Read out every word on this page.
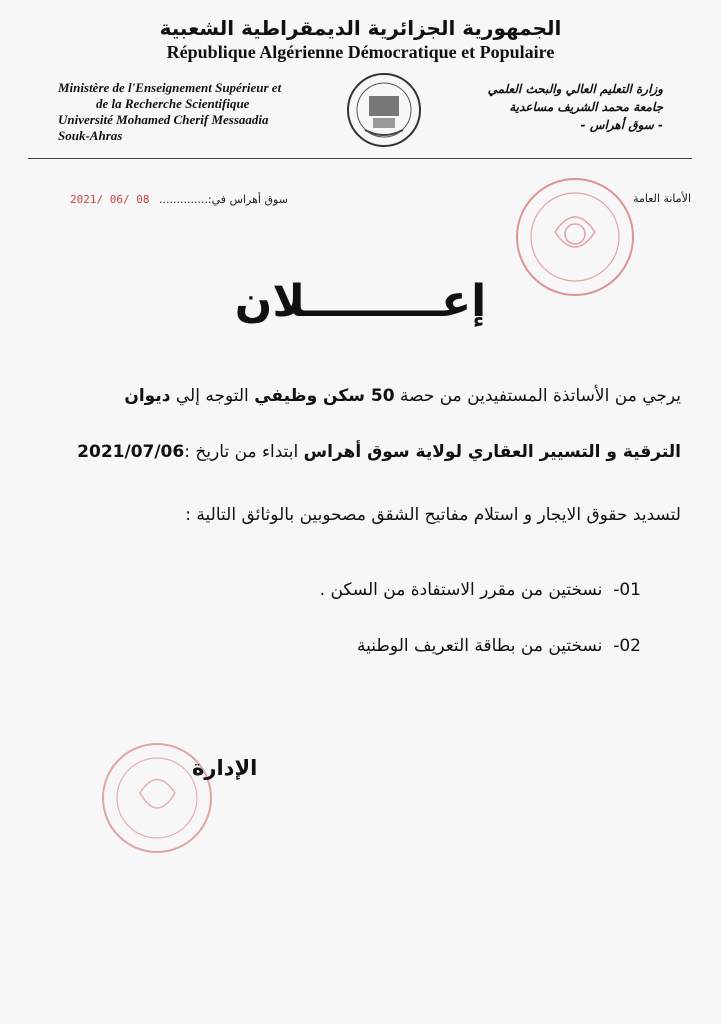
الجمهورية الجزائرية الديمقراطية الشعبية
République Algérienne Démocratique et Populaire
Ministère de l'Enseignement Supérieur et
de la Recherche Scientifique
Université Mohamed Cherif Messaadia
Souk-Ahras
وزارة التعليم العالي والبحث العلمي
جامعة محمد الشريف مساعدية
- سوق أهراس -
2021/ 06/ 08 سوق أهراس في:..............	الأمانة العامة
إعـــــــــلان
يرجي من الأساتذة المستفيدين من حصة 50 سكن وظيفي التوجه إلي ديوان
الترقية و التسيير العقاري لولاية سوق أهراس ابتداء من تاريخ :2021/07/06
لتسديد حقوق الايجار و استلام مفاتيح الشقق مصحوبين بالوثائق التالية :
01-  نسختين من مقرر الاستفادة من السكن .
02-  نسختين من بطاقة التعريف الوطنية
الإدارة
